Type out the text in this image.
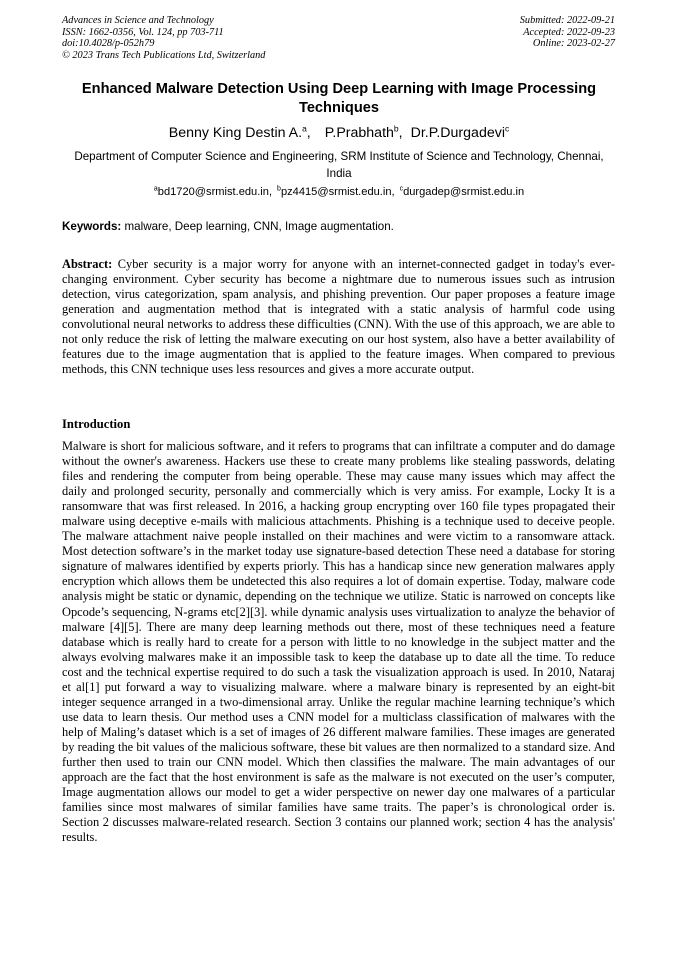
Advances in Science and Technology
ISSN: 1662-0356, Vol. 124, pp 703-711
doi:10.4028/p-052h79
© 2023 Trans Tech Publications Ltd, Switzerland
Submitted: 2022-09-21
Accepted: 2022-09-23
Online: 2023-02-27
Enhanced Malware Detection Using Deep Learning with Image Processing Techniques
Benny King Destin A.$^a$, P.Prabhath$^b$, Dr.P.Durgadevi$^c$
Department of Computer Science and Engineering, SRM Institute of Science and Technology, Chennai, India
$^a$bd1720@srmist.edu.in, $^b$pz4415@srmist.edu.in, $^c$durgadep@srmist.edu.in
Keywords: malware, Deep learning, CNN, Image augmentation.
Abstract: Cyber security is a major worry for anyone with an internet-connected gadget in today's ever-changing environment. Cyber security has become a nightmare due to numerous issues such as intrusion detection, virus categorization, spam analysis, and phishing prevention. Our paper proposes a feature image generation and augmentation method that is integrated with a static analysis of harmful code using convolutional neural networks to address these difficulties (CNN). With the use of this approach, we are able to not only reduce the risk of letting the malware executing on our host system, also have a better availability of features due to the image augmentation that is applied to the feature images. When compared to previous methods, this CNN technique uses less resources and gives a more accurate output.
Introduction
Malware is short for malicious software, and it refers to programs that can infiltrate a computer and do damage without the owner's awareness. Hackers use these to create many problems like stealing passwords, delating files and rendering the computer from being operable. These may cause many issues which may affect the daily and prolonged security, personally and commercially which is very amiss. For example, Locky It is a ransomware that was first released. In 2016, a hacking group encrypting over 160 file types propagated their malware using deceptive e-mails with malicious attachments. Phishing is a technique used to deceive people. The malware attachment naive people installed on their machines and were victim to a ransomware attack. Most detection software’s in the market today use signature-based detection These need a database for storing signature of malwares identified by experts priorly. This has a handicap since new generation malwares apply encryption which allows them be undetected this also requires a lot of domain expertise. Today, malware code analysis might be static or dynamic, depending on the technique we utilize. Static is narrowed on concepts like Opcode’s sequencing, N-grams etc[2][3]. while dynamic analysis uses virtualization to analyze the behavior of malware [4][5]. There are many deep learning methods out there, most of these techniques need a feature database which is really hard to create for a person with little to no knowledge in the subject matter and the always evolving malwares make it an impossible task to keep the database up to date all the time. To reduce cost and the technical expertise required to do such a task the visualization approach is used. In 2010, Nataraj et al[1] put forward a way to visualizing malware. where a malware binary is represented by an eight-bit integer sequence arranged in a two-dimensional array. Unlike the regular machine learning technique’s which use data to learn thesis. Our method uses a CNN model for a multiclass classification of malwares with the help of Maling’s dataset which is a set of images of 26 different malware families. These images are generated by reading the bit values of the malicious software, these bit values are then normalized to a standard size. And further then used to train our CNN model. Which then classifies the malware. The main advantages of our approach are the fact that the host environment is safe as the malware is not executed on the user’s computer, Image augmentation allows our model to get a wider perspective on newer day one malwares of a particular families since most malwares of similar families have same traits. The paper’s is chronological order is. Section 2 discusses malware-related research. Section 3 contains our planned work; section 4 has the analysis' results.
